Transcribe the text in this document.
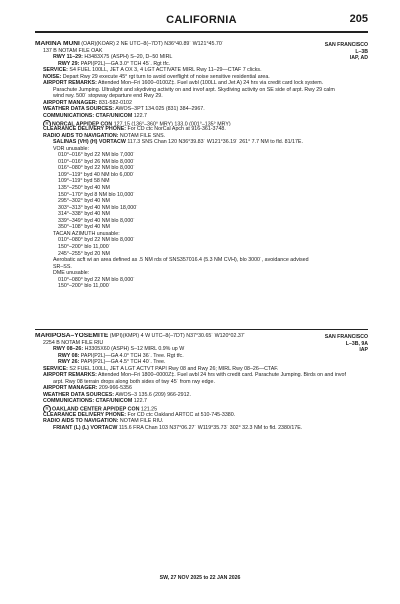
CALIFORNIA	205
MARINA MUNI (OAR)(KOAR) 2 NE UTC–8(–7DT) N36°40.89´ W121°45.70´
137 B NOTAM FILE OAK
RWY 11–29: H3483X75 (ASPH) S–20, D–50 MIRL
RWY 29: PAPI(P2L)—GA 3.0° TCH 45´. Rgt tfc.
SERVICE: S4 FUEL 100LL, JET A OX 3, 4 LGT ACTIVATE MIRL Rwy 11–29—CTAF 7 clicks.
NOISE: Depart Rwy 29 execute 45° rgt turn to avoid overflight of noise sensitive residential area.
AIRPORT REMARKS: Attended Mon–Fri 1600–0100Z‡. Fuel avbl (100LL and Jet A) 24 hrs via credit card lock system.
Parachute Jumping. Ultralight and skydiving activity on and invof arpt. Skydiving activity on SE side of arpt. Rwy 29 calm
wind rwy. 500´ stopway departure end Rwy 29.
AIRPORT MANAGER: 831-582-0102
WEATHER DATA SOURCES: AWOS–3PT 134.025 (831) 384–2967.
COMMUNICATIONS: CTAF/UNICOM 122.7
R NORCAL APP/DEP CON 127.15 (136°–360° MRY) 133.0 (001°–135° MRY)
CLEARANCE DELIVERY PHONE: For CD ctc NorCal Apch at 916-361-3748.
RADIO AIDS TO NAVIGATION: NOTAM FILE SNS.
SALINAS (VH) (H) VORTACW 117.3 SNS Chan 120 N36°39.83´ W121°36.19´ 261° 7.7 NM to fld. 81/17E.
VOR unusable:
010°–016° byd 22 NM blo 7,000´
010°–016° byd 26 NM blo 8,000´
016°–080° byd 22 NM blo 8,000´
109°–119° byd 40 NM blo 6,000´
109°–119° byd 58 NM
135°–250° byd 40 NM
150°–170° byd 8 NM blo 10,000´
295°–302° byd 40 NM
303°–313° byd 40 NM blo 18,000´
314°–338° byd 40 NM
339°–349° byd 40 NM blo 8,000´
350°–108° byd 40 NM
TACAN AZIMUTH unusable:
010°–080° byd 22 NM blo 8,000´
150°–200° blo 11,000´
245°–255° byd 20 NM
Aerobatic acft wi an area defined as .5 NM rds of SNS357016.4 (5.3 NM CVH), blo 3000´, avoidance advised
SR–SS.
DME unusable:
010°–080° byd 22 NM blo 8,000´
150°–200° blo 11,000´
SAN FRANCISCO
L–3B
IAP, AD
MARIPOSA–YOSEMITE (MPI)(KMPI) 4 W UTC–8(–7DT) N37°30.65´ W120°02.37´
2254 B NOTAM FILE RIU
RWY 08–26: H3305X60 (ASPH) S–12 MIRL 0.9% up W
RWY 08: PAPI(P2L)—GA 4.0° TCH 36´. Tree. Rgt tfc.
RWY 26: PAPI(P2L)—GA 4.5° TCH 40´. Tree.
SERVICE: S2 FUEL 100LL, JET A LGT ACTVT PAPI Rwy 08 and Rwy 26; MIRL Rwy 08–26—CTAF.
AIRPORT REMARKS: Attended Mon–Fri 1800–0000Z‡. Fuel avbl 24 hrs with credit card. Parachute Jumping. Birds on and invof
arpt. Rwy 08 terrain drops along both sides of twy 45´ from rwy edge.
AIRPORT MANAGER: 209-966-5356
WEATHER DATA SOURCES: AWOS–3 135.6 (209) 966-2912.
COMMUNICATIONS: CTAF/UNICOM 122.7
R OAKLAND CENTER APP/DEP CON 121.25
CLEARANCE DELIVERY PHONE: For CD ctc Oakland ARTCC at 510-745-3380.
RADIO AIDS TO NAVIGATION: NOTAM FILE RIU.
FRIANT (L) (L) VORTACW 115.6 FRA Chan 103 N37°06.27´ W119°35.73´ 302° 32.3 NM to fld. 2380/17E.
SAN FRANCISCO
L–3B, 9A
IAP
SW, 27 NOV 2025 to 22 JAN 2026
